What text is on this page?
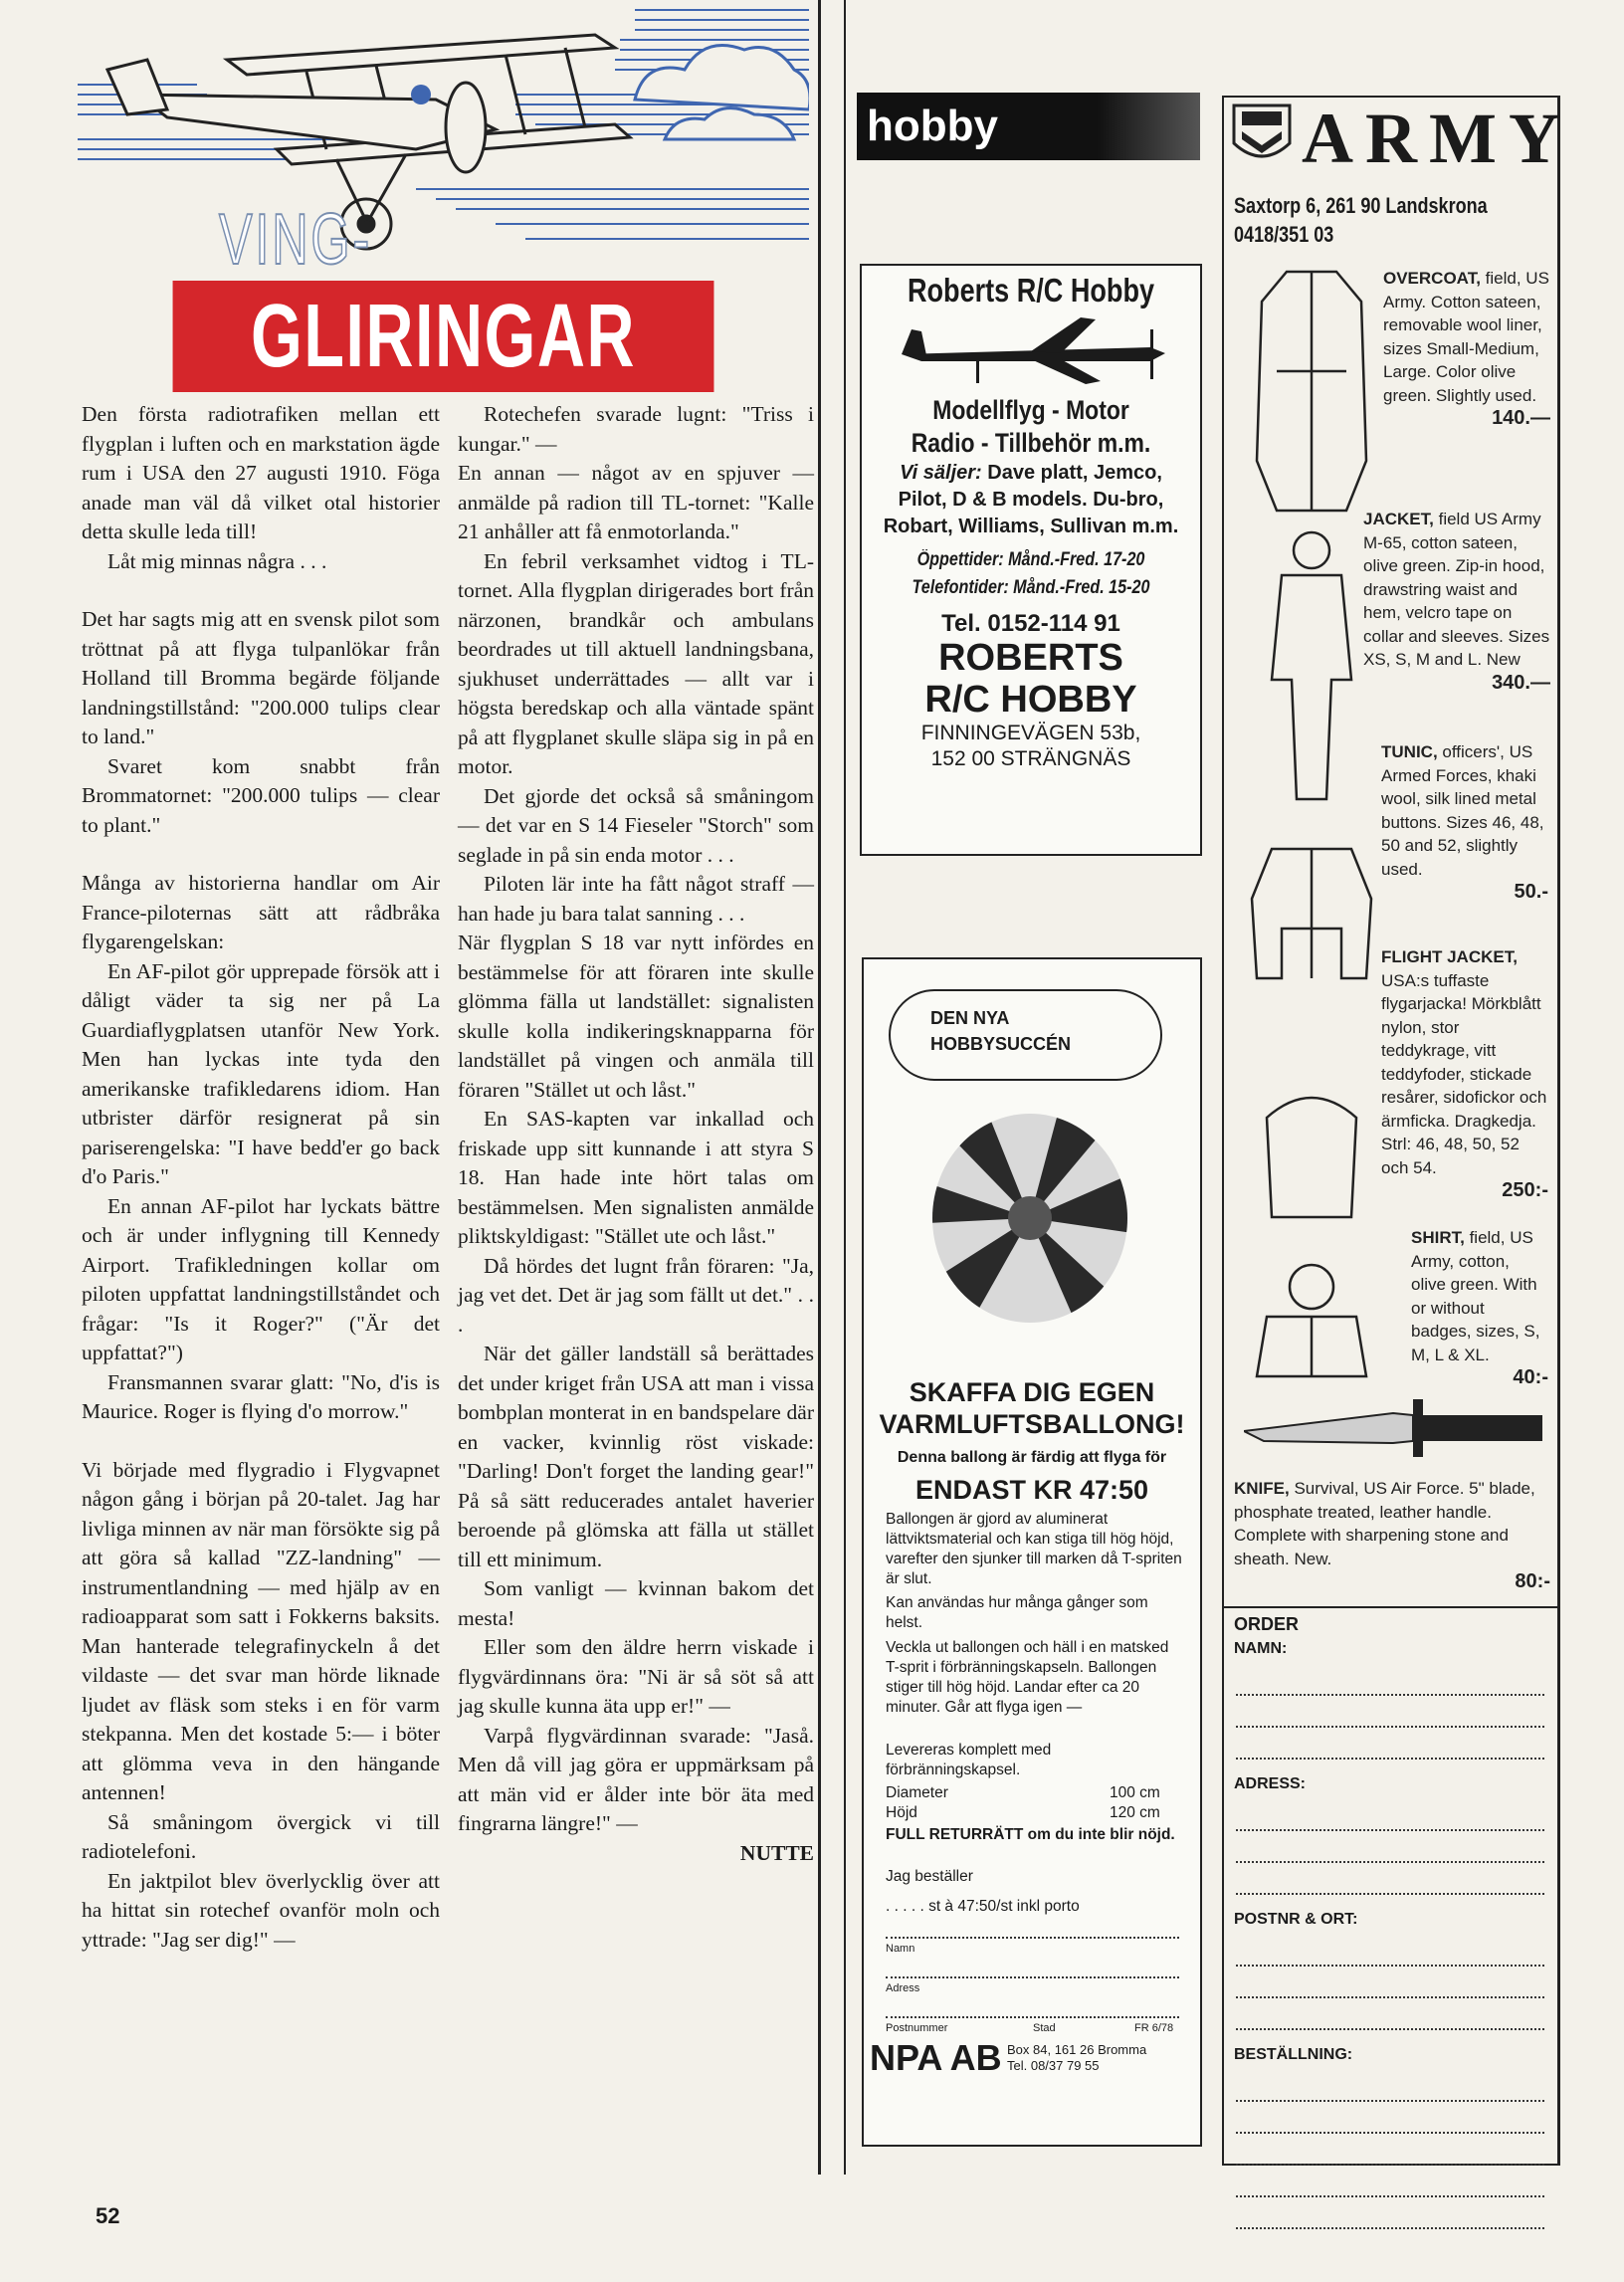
VING-
GLIRINGAR

Den första radiotrafiken mellan ett flygplan i luften och en markstation ägde rum i USA den 27 augusti 1910. Föga anade man väl då vilket otal historier detta skulle leda till!

Låt mig minnas några . . .

Det har sagts mig att en svensk pilot som tröttnat på att flyga tulpanlökar från Holland till Bromma begärde följande landningstillstånd: "200.000 tulips clear to land."

Svaret kom snabbt från Brommatornet: "200.000 tulips — clear to plant."

Många av historierna handlar om Air France-piloternas sätt att rådbråka flygarengelskan:

En AF-pilot gör upprepade försök att i dåligt väder ta sig ner på La Guardiaflygplatsen utanför New York. Men han lyckas inte tyda den amerikanske trafikledarens idiom. Han utbrister därför resignerat på sin pariserengelska: "I have bedd'er go back d'o Paris."

En annan AF-pilot har lyckats bättre och är under inflygning till Kennedy Airport. Trafikledningen kollar om piloten uppfattat landningstillståndet och frågar: "Is it Roger?" ("Är det uppfattat?")

Fransmannen svarar glatt: "No, d'is is Maurice. Roger is flying d'o morrow."

Vi började med flygradio i Flygvapnet någon gång i början på 20-talet. Jag har livliga minnen av när man försökte sig på att göra så kallad "ZZ-landning" — instrumentlandning — med hjälp av en radioapparat som satt i Fokkerns baksits. Man hanterade telegrafinyckeln å det vildaste — det svar man hörde liknade ljudet av fläsk som steks i en för varm stekpanna. Men det kostade 5:— i böter att glömma veva in den hängande antennen!

Så småningom övergick vi till radiotelefoni.

En jaktpilot blev överlycklig över att ha hittat sin rotechef ovanför moln och yttrade: "Jag ser dig!" —

Rotechefen svarade lugnt: "Triss i kungar." —

En annan — något av en spjuver — anmälde på radion till TL-tornet: "Kalle 21 anhåller att få enmotorlanda."

En febril verksamhet vidtog i TL-tornet. Alla flygplan dirigerades bort från närzonen, brandkår och ambulans beordrades ut till aktuell landningsbana, sjukhuset underrättades — allt var i högsta beredskap och alla väntade spänt på att flygplanet skulle släpa sig in på en motor.

Det gjorde det också så småningom — det var en S 14 Fieseler "Storch" som seglade in på sin enda motor . . .

Piloten lär inte ha fått något straff — han hade ju bara talat sanning . . .

När flygplan S 18 var nytt infördes en bestämmelse för att föraren inte skulle glömma fälla ut landstället: signalisten skulle kolla indikeringsknapparna för landstället på vingen och anmäla till föraren "Stället ut och låst."

En SAS-kapten var inkallad och friskade upp sitt kunnande i att styra S 18. Han hade inte hört talas om bestämmelsen. Men signalisten anmälde pliktskyldigast: "Stället ute och låst."

Då hördes det lugnt från föraren: "Ja, jag vet det. Det är jag som fällt ut det." . . .

När det gäller landställ så berättades det under kriget från USA att man i vissa bombplan monterat in en bandspelare där en vacker, kvinnlig röst viskade: "Darling! Don't forget the landing gear!" På så sätt reducerades antalet haverier beroende på glömska att fälla ut stället till ett minimum.

Som vanligt — kvinnan bakom det mesta!

Eller som den äldre herrn viskade i flygvärdinnans öra: "Ni är så söt så att jag skulle kunna äta upp er!" —

Varpå flygvärdinnan svarade: "Jaså. Men då vill jag göra er uppmärksam på att män vid er ålder inte bör äta med fingrarna längre!" —

NUTTE
52
hobby
Roberts R/C Hobby
Modellflyg - Motor
Radio - Tillbehör m.m.
Vi säljer: Dave platt, Jemco, Pilot, D & B models. Du-bro, Robart, Williams, Sullivan m.m.
Öppettider: Månd.-Fred. 17-20
Telefontider: Månd.-Fred. 15-20
Tel. 0152-114 91
ROBERTS
R/C HOBBY
FINNINGEVÄGEN 53b,
152 00 STRÄNGNÄS
DEN NYA
HOBBYSUCCÉN
SKAFFA DIG EGEN
VARMLUFTSBALLONG!
Denna ballong är färdig att flyga för
ENDAST KR 47:50
Ballongen är gjord av aluminerat lättviktsmaterial och kan stiga till hög höjd, varefter den sjunker till marken då T-spriten är slut.
Kan användas hur många gånger som helst.
Veckla ut ballongen och häll i en matsked T-sprit i förbränningskapseln. Ballongen stiger till hög höjd. Landar efter ca 20 minuter. Går att flyga igen —
Levereras komplett med förbränningskapsel.
Diameter	100 cm
Höjd	120 cm
FULL RETURRÄTT om du inte blir nöjd.
Jag beställer
. . . . . st à 47:50/st inkl porto
Namn
Adress
Postnummer	Stad	FR 6/78
NPA AB Box 84, 161 26 Bromma
Tel. 08/37 79 55
ARMY
Saxtorp 6, 261 90 Landskrona
0418/351 03
OVERCOAT, field, US Army. Cotton sateen, removable wool liner, sizes Small-Medium, Large. Color olive green. Slightly used.
140.—
JACKET, field US Army M-65, cotton sateen, olive green. Zip-in hood, drawstring waist and hem, velcro tape on collar and sleeves. Sizes XS, S, M and L. New
340.—
TUNIC, officers', US Armed Forces, khaki wool, silk lined metal buttons. Sizes 46, 48, 50 and 52, slightly used.
50.-
FLIGHT JACKET, USA:s tuffaste flygarjacka! Mörkblått nylon, stor teddykrage, vitt teddyfoder, stickade resårer, sidofickor och ärmficka. Dragkedja. Strl: 46, 48, 50, 52 och 54.
250:-
SHIRT, field, US Army, cotton, olive green. With or without badges, sizes, S, M, L & XL.
40:-
KNIFE, Survival, US Air Force. 5" blade, phosphate treated, leather handle. Complete with sharpening stone and sheath. New.
80:-
ORDER
NAMN:
ADRESS:
POSTNR & ORT:
BESTÄLLNING:
